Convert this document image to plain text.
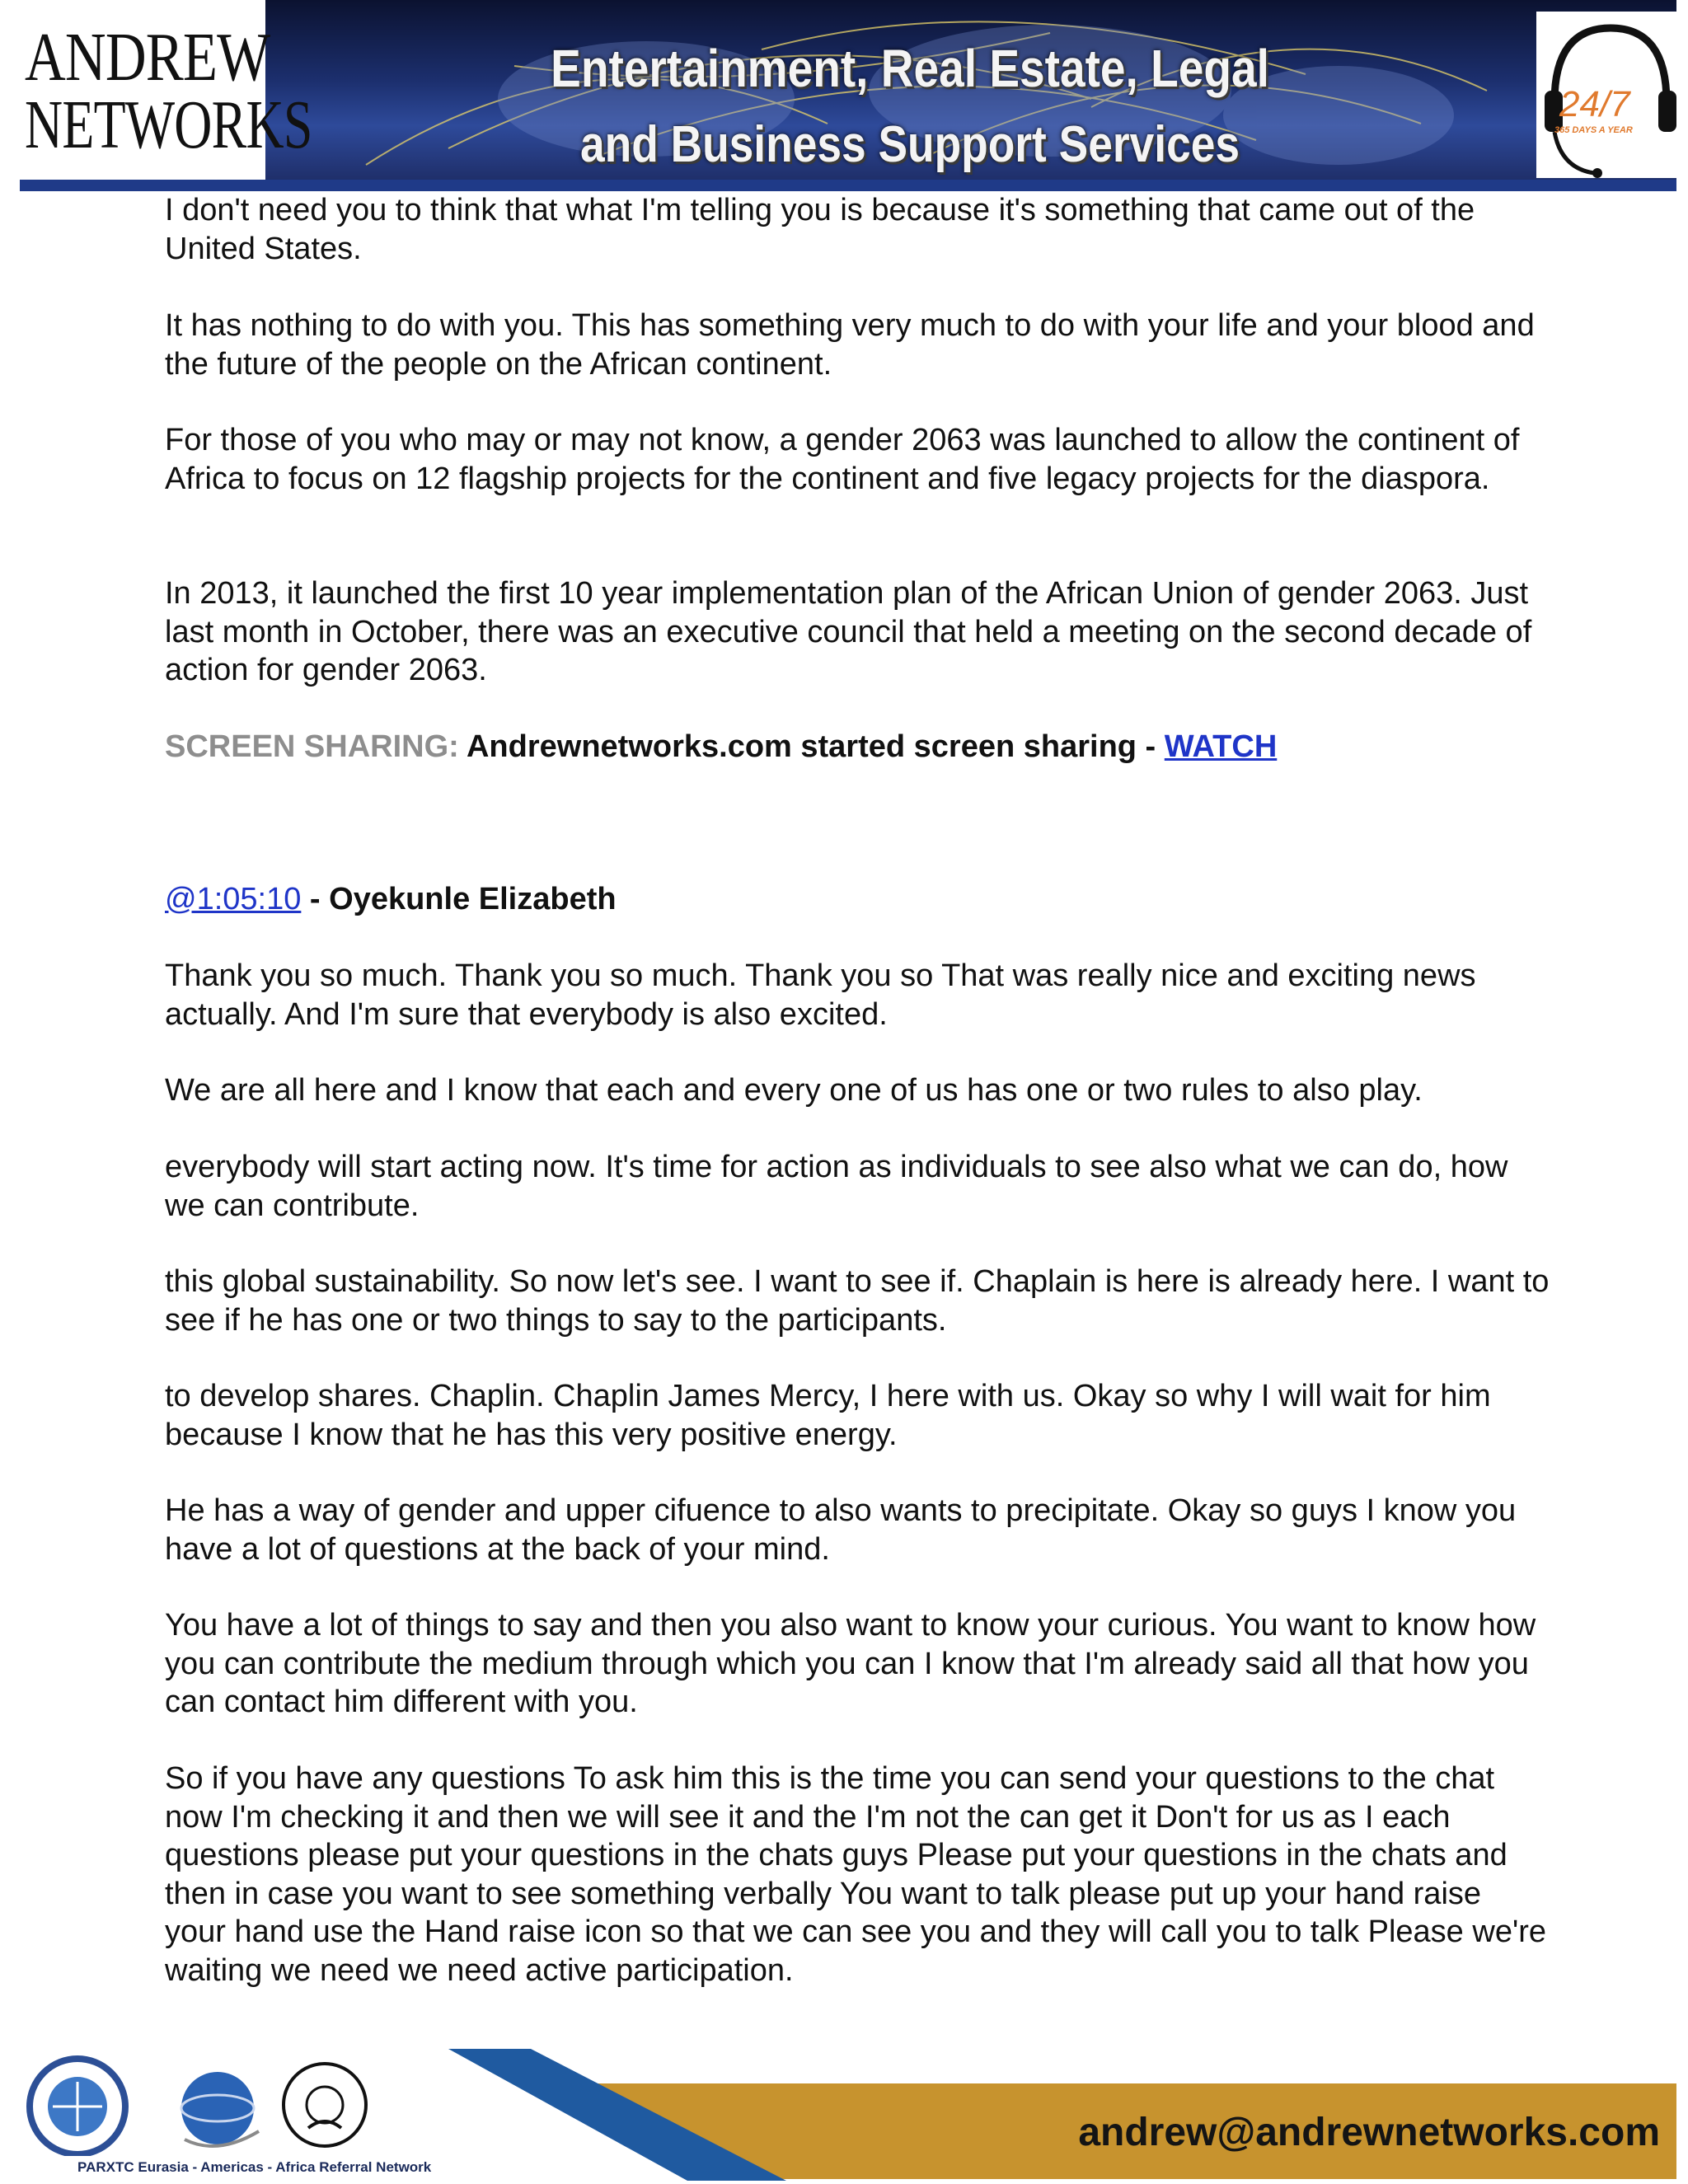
ANDREW
NETWORKS
Entertainment, Real Estate, Legal
and Business Support Services
24/7
365 DAYS A YEAR

I don't need you to think that what I'm telling you is because it's something that came out of the United States.

It has nothing to do with you. This has something very much to do with your life and your blood and the future of the people on the African continent.

For those of you who may or may not know, a gender 2063 was launched to allow the continent of Africa to focus on 12 flagship projects for the continent and five legacy projects for the diaspora.

In 2013, it launched the first 10 year implementation plan of the African Union of gender 2063. Just last month in October, there was an executive council that held a meeting on the second decade of action for gender 2063.

SCREEN SHARING: Andrewnetworks.com started screen sharing - WATCH

@1:05:10 - Oyekunle Elizabeth

Thank you so much. Thank you so much. Thank you so That was really nice and exciting news actually. And I'm sure that everybody is also excited.

We are all here and I know that each and every one of us has one or two rules to also play.

everybody will start acting now. It's time for action as individuals to see also what we can do, how we can contribute.

this global sustainability. So now let's see. I want to see if. Chaplain is here is already here. I want to see if he has one or two things to say to the participants.

to develop shares. Chaplin. Chaplin James Mercy, I here with us. Okay so why I will wait for him because I know that he has this very positive energy.

He has a way of gender and upper cifuence to also wants to precipitate. Okay so guys I know you have a lot of questions at the back of your mind.

You have a lot of things to say and then you also want to know your curious. You want to know how you can contribute the medium through which you can I know that I'm already said all that how you can contact him different with you.

So if you have any questions To ask him this is the time you can send your questions to the chat now I'm checking it and then we will see it and the I'm not the can get it Don't for us as I each questions please put your questions in the chats guys Please put your questions in the chats and then in case you want to see something verbally You want to talk please put up your hand raise your hand use the Hand raise icon so that we can see you and they will call you to talk Please we're waiting we need we need active participation.

PARXTC Eurasia - Americas - Africa Referral Network
andrew@andrewnetworks.com
